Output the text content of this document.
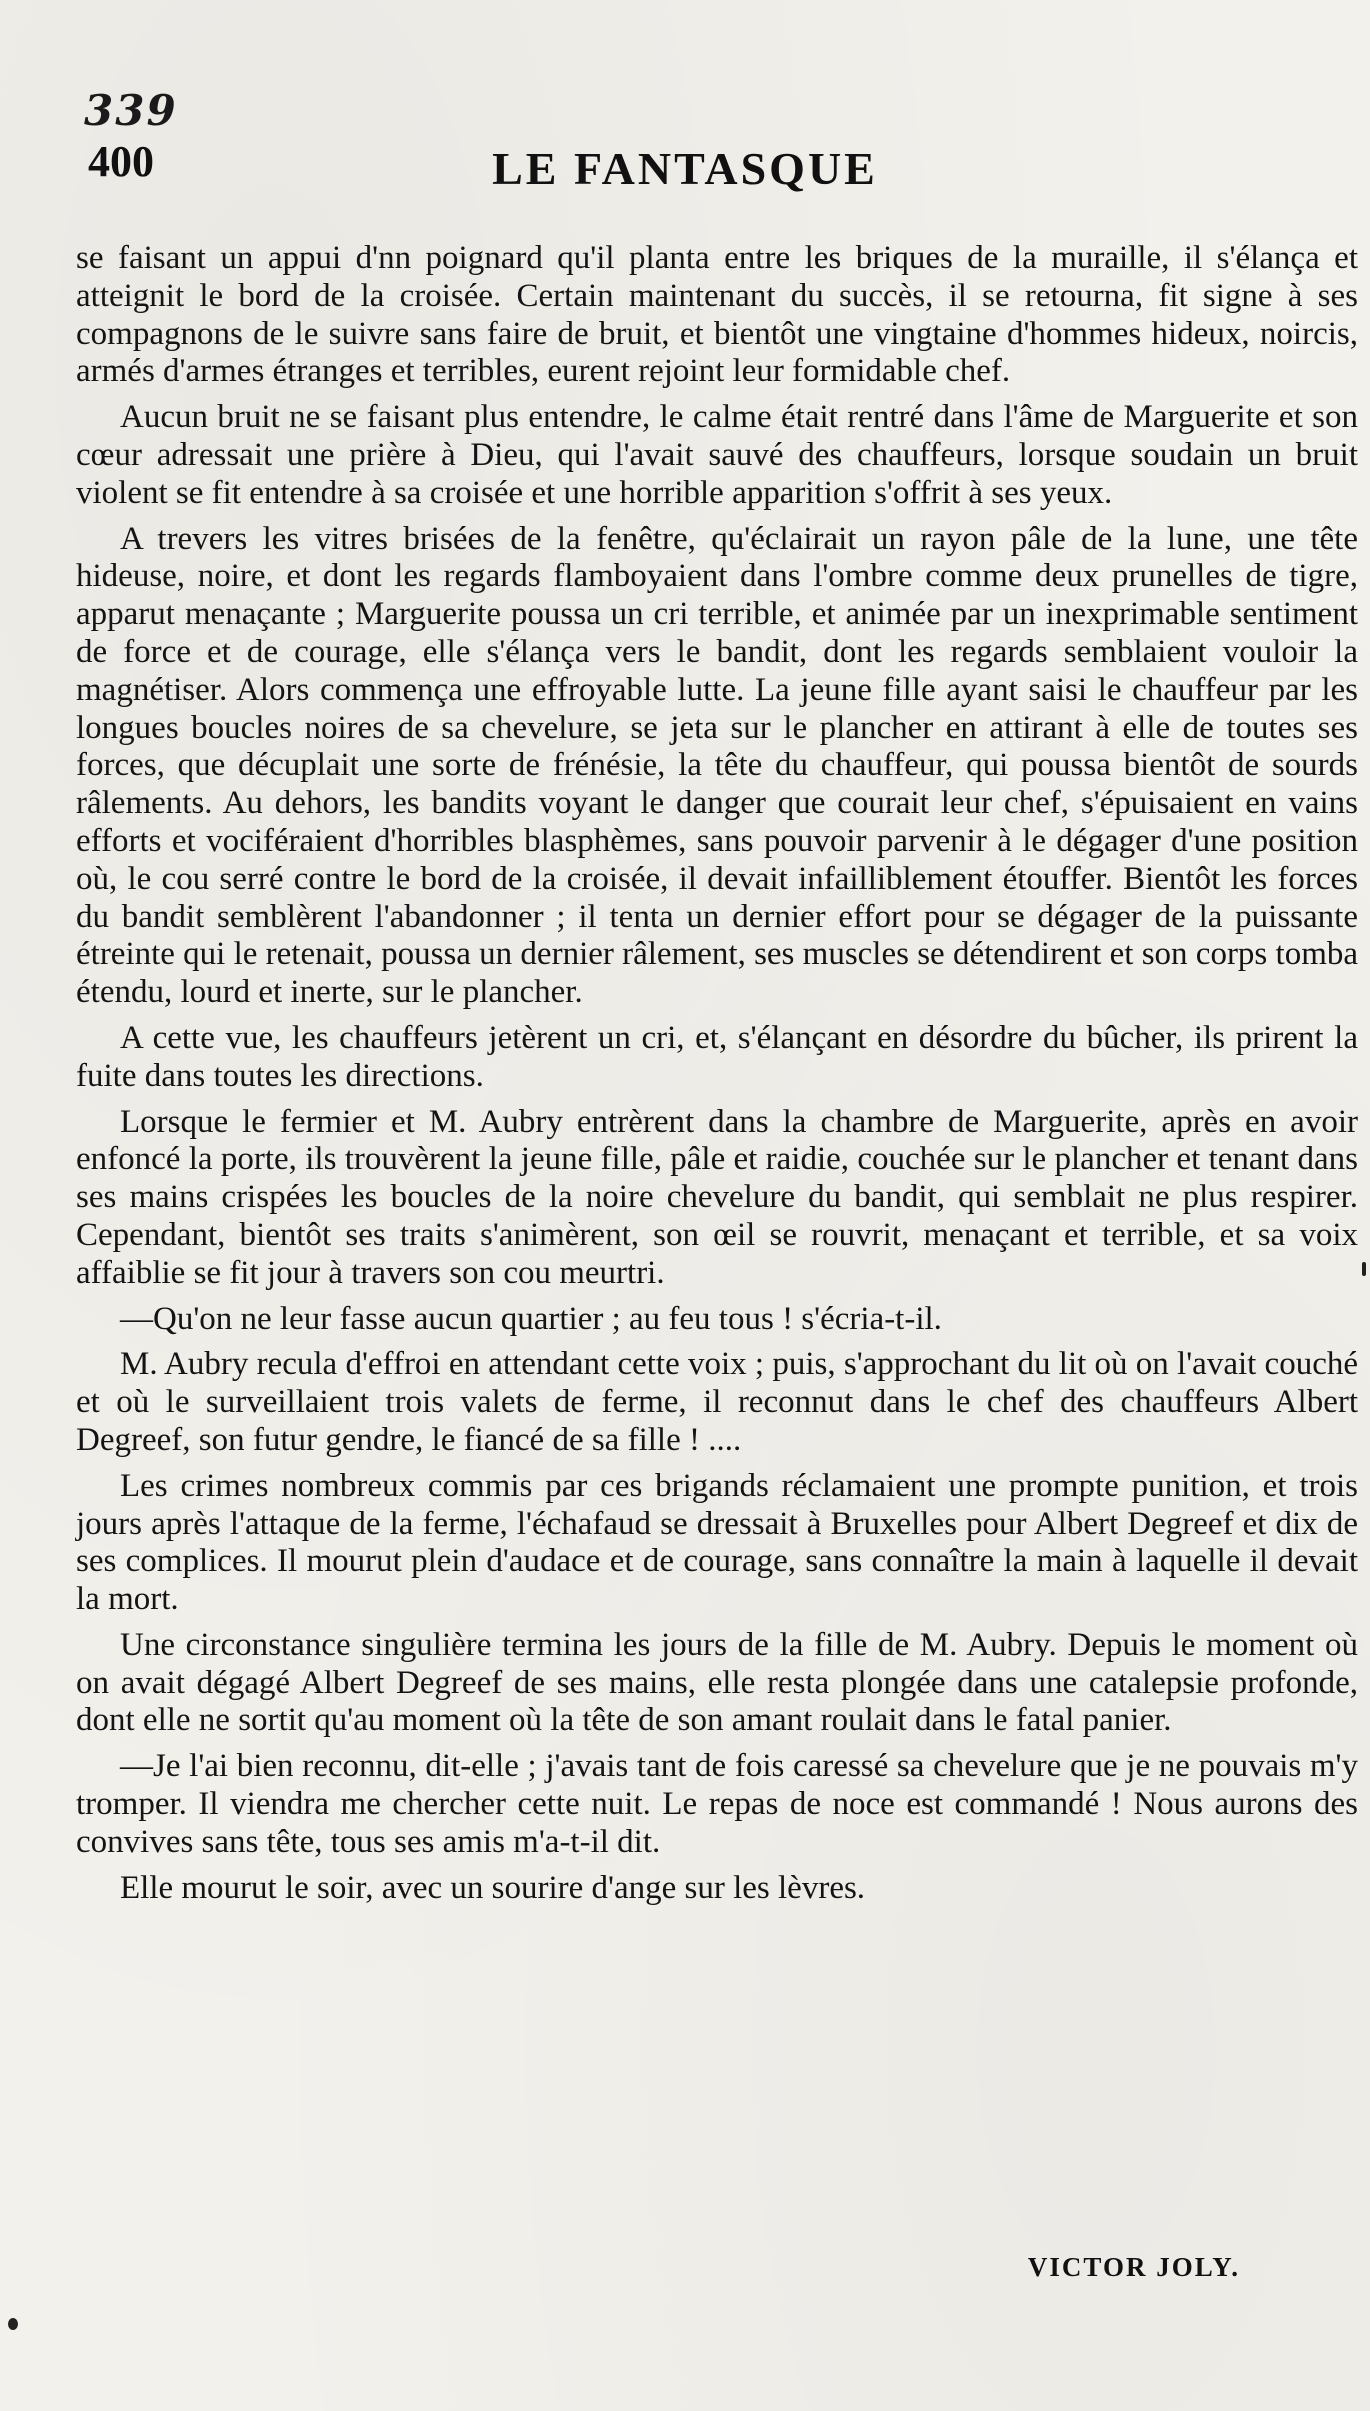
339
400	LE FANTASQUE

se faisant un appui d'nn poignard qu'il planta entre les briques de la muraille, il s'élança et atteignit le bord de la croisée. Certain maintenant du succès, il se retourna, fit signe à ses compagnons de le suivre sans faire de bruit, et bientôt une vingtaine d'hommes hideux, noircis, armés d'armes étranges et terribles, eurent rejoint leur formidable chef.

Aucun bruit ne se faisant plus entendre, le calme était rentré dans l'âme de Marguerite et son cœur adressait une prière à Dieu, qui l'avait sauvé des chauffeurs, lorsque soudain un bruit violent se fit entendre à sa croisée et une horrible apparition s'offrit à ses yeux.

A trevers les vitres brisées de la fenêtre, qu'éclairait un rayon pâle de la lune, une tête hideuse, noire, et dont les regards flamboyaient dans l'ombre comme deux prunelles de tigre, apparut menaçante ; Marguerite poussa un cri terrible, et animée par un inexprimable sentiment de force et de courage, elle s'élança vers le bandit, dont les regards semblaient vouloir la magnétiser. Alors commença une effroyable lutte. La jeune fille ayant saisi le chauffeur par les longues boucles noires de sa chevelure, se jeta sur le plancher en attirant à elle de toutes ses forces, que décuplait une sorte de frénésie, la tête du chauffeur, qui poussa bientôt de sourds râlements. Au dehors, les bandits voyant le danger que courait leur chef, s'épuisaient en vains efforts et vociféraient d'horribles blasphèmes, sans pouvoir parvenir à le dégager d'une position où, le cou serré contre le bord de la croisée, il devait infailliblement étouffer. Bientôt les forces du bandit semblèrent l'abandonner ; il tenta un dernier effort pour se dégager de la puissante étreinte qui le retenait, poussa un dernier râlement, ses muscles se détendirent et son corps tomba étendu, lourd et inerte, sur le plancher.

A cette vue, les chauffeurs jetèrent un cri, et, s'élançant en désordre du bûcher, ils prirent la fuite dans toutes les directions.

Lorsque le fermier et M. Aubry entrèrent dans la chambre de Marguerite, après en avoir enfoncé la porte, ils trouvèrent la jeune fille, pâle et raidie, couchée sur le plancher et tenant dans ses mains crispées les boucles de la noire chevelure du bandit, qui semblait ne plus respirer. Cependant, bientôt ses traits s'animèrent, son œil se rouvrit, menaçant et terrible, et sa voix affaiblie se fit jour à travers son cou meurtri.

—Qu'on ne leur fasse aucun quartier ; au feu tous ! s'écria-t-il.

M. Aubry recula d'effroi en attendant cette voix ; puis, s'approchant du lit où on l'avait couché et où le surveillaient trois valets de ferme, il reconnut dans le chef des chauffeurs Albert Degreef, son futur gendre, le fiancé de sa fille ! ....

Les crimes nombreux commis par ces brigands réclamaient une prompte punition, et trois jours après l'attaque de la ferme, l'échafaud se dressait à Bruxelles pour Albert Degreef et dix de ses complices. Il mourut plein d'audace et de courage, sans connaître la main à laquelle il devait la mort.

Une circonstance singulière termina les jours de la fille de M. Aubry. Depuis le moment où on avait dégagé Albert Degreef de ses mains, elle resta plongée dans une catalepsie profonde, dont elle ne sortit qu'au moment où la tête de son amant roulait dans le fatal panier.

—Je l'ai bien reconnu, dit-elle ; j'avais tant de fois caressé sa chevelure que je ne pouvais m'y tromper. Il viendra me chercher cette nuit. Le repas de noce est commandé ! Nous aurons des convives sans tête, tous ses amis m'a-t-il dit.

Elle mourut le soir, avec un sourire d'ange sur les lèvres.

VICTOR JOLY.
